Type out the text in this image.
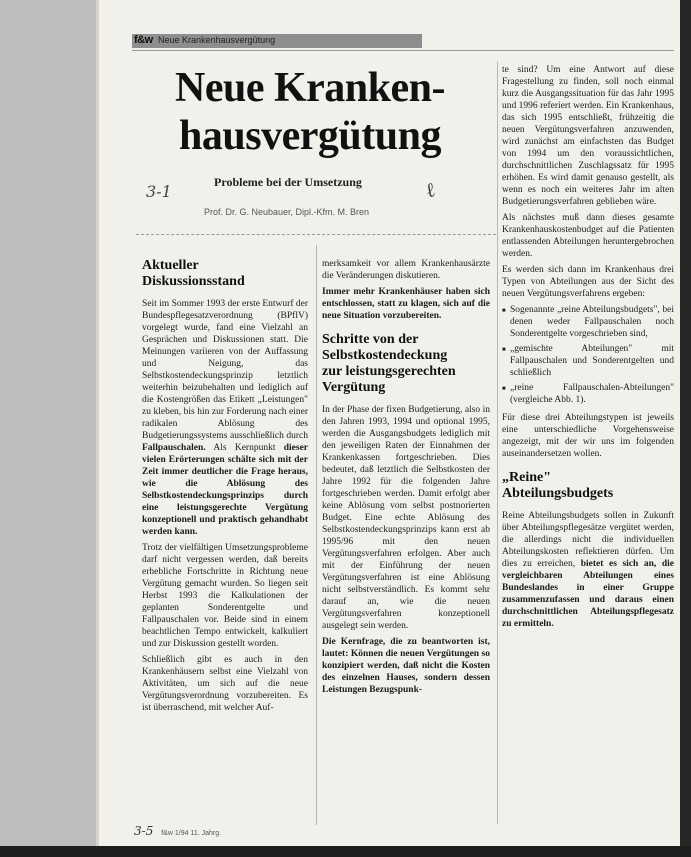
f&w Neue Krankenhausvergütung
Neue Kranken-
hausvergütung
Probleme bei der Umsetzung
Prof. Dr. G. Neubauer, Dipl.-Kfm. M. Bren
3-1	ℓ
Aktueller
Diskussionsstand

Seit im Sommer 1993 der erste Entwurf der Bundespflegesatzverordnung (BPflV) vorgelegt wurde, fand eine Vielzahl an Gesprächen und Diskussionen statt. Die Meinungen variieren von der Auffassung und Neigung, das Selbstkostendeckungsprinzip letztlich weiterhin beizubehalten und lediglich auf die Kostengrößen das Etikett „Leistungen" zu kleben, bis hin zur Forderung nach einer radikalen Ablösung des Budgetierungssystems ausschließlich durch Fallpauschalen. Als Kernpunkt dieser vielen Erörterungen schälte sich mit der Zeit immer deutlicher die Frage heraus, wie die Ablösung des Selbstkostendeckungsprinzips durch eine leistungsgerechte Vergütung konzeptionell und praktisch gehandhabt werden kann.

Trotz der vielfältigen Umsetzungsprobleme darf nicht vergessen werden, daß bereits erhebliche Fortschritte in Richtung neue Vergütung gemacht wurden. So liegen seit Herbst 1993 die Kalkulationen der geplanten Sonderentgelte und Fallpauschalen vor. Beide sind in einem beachtlichen Tempo entwickelt, kalkuliert und zur Diskussion gestellt worden.

Schließlich gibt es auch in den Krankenhäusern selbst eine Vielzahl von Aktivitäten, um sich auf die neue Vergütungsverordnung vorzubereiten. Es ist überraschend, mit welcher Auf-

merksamkeit vor allem Krankenhausärzte die Veränderungen diskutieren.

Immer mehr Krankenhäuser haben sich entschlossen, statt zu klagen, sich auf die neue Situation vorzubereiten.

Schritte von der
Selbstkostendeckung
zur leistungsgerechten
Vergütung

In der Phase der fixen Budgetierung, also in den Jahren 1993, 1994 und optional 1995, werden die Ausgangsbudgets lediglich mit den jeweiligen Raten der Einnahmen der Krankenkassen fortgeschrieben. Dies bedeutet, daß letztlich die Selbstkosten der Jahre 1992 für die folgenden Jahre fortgeschrieben werden. Damit erfolgt aber keine Ablösung vom selbst postnorierten Budget. Eine echte Ablösung des Selbstkostendeckungsprinzips kann erst ab 1995/96 mit den neuen Vergütungsverfahren erfolgen. Aber auch mit der Einführung der neuen Vergütungsverfahren ist eine Ablösung nicht selbstverständlich. Es kommt sehr darauf an, wie die neuen Vergütungsverfahren konzeptionell ausgelegt sein werden.

Die Kernfrage, die zu beantworten ist, lautet: Können die neuen Vergütungen so konzipiert werden, daß nicht die Kosten des einzelnen Hauses, sondern dessen Leistungen Bezugspunk-

te sind? Um eine Antwort auf diese Fragestellung zu finden, soll noch einmal kurz die Ausgangssituation für das Jahr 1995 und 1996 referiert werden. Ein Krankenhaus, das sich 1995 entschließt, frühzeitig die neuen Vergütungsverfahren anzuwenden, wird zunächst am einfachsten das Budget von 1994 um den voraussichtlichen, durchschnittlichen Zuschlagssatz für 1995 erhöhen. Es wird damit genauso gestellt, als wenn es noch ein weiteres Jahr im alten Budgetierungsverfahren geblieben wäre.

Als nächstes muß dann dieses gesamte Krankenhauskostenbudget auf die Patienten entlassenden Abteilungen heruntergebrochen werden.

Es werden sich dann im Krankenhaus drei Typen von Abteilungen aus der Sicht des neuen Vergütungsverfahrens ergeben:

■ Sogenannte „reine Abteilungsbudgets", bei denen weder Fallpauschalen noch Sonderentgelte vorgeschrieben sind,
■ „gemischte Abteilungen" mit Fallpauschalen und Sonderentgelten und schließlich
■ „reine Fallpauschalen-Abteilungen" (vergleiche Abb. 1).

Für diese drei Abteilungstypen ist jeweils eine unterschiedliche Vorgehensweise angezeigt, mit der wir uns im folgenden auseinandersetzen wollen.

„Reine"
Abteilungsbudgets

Reine Abteilungsbudgets sollen in Zukunft über Abteilungspflegesätze vergütet werden, die allerdings nicht die individuellen Abteilungskosten reflektieren dürfen. Um dies zu erreichen, bietet es sich an, die vergleichbaren Abteilungen eines Bundeslandes in einer Gruppe zusammenzufassen und daraus einen durchschnittlichen Abteilungspflegesatz zu ermitteln.

3-5 f&w 1/94 11. Jahrg.
